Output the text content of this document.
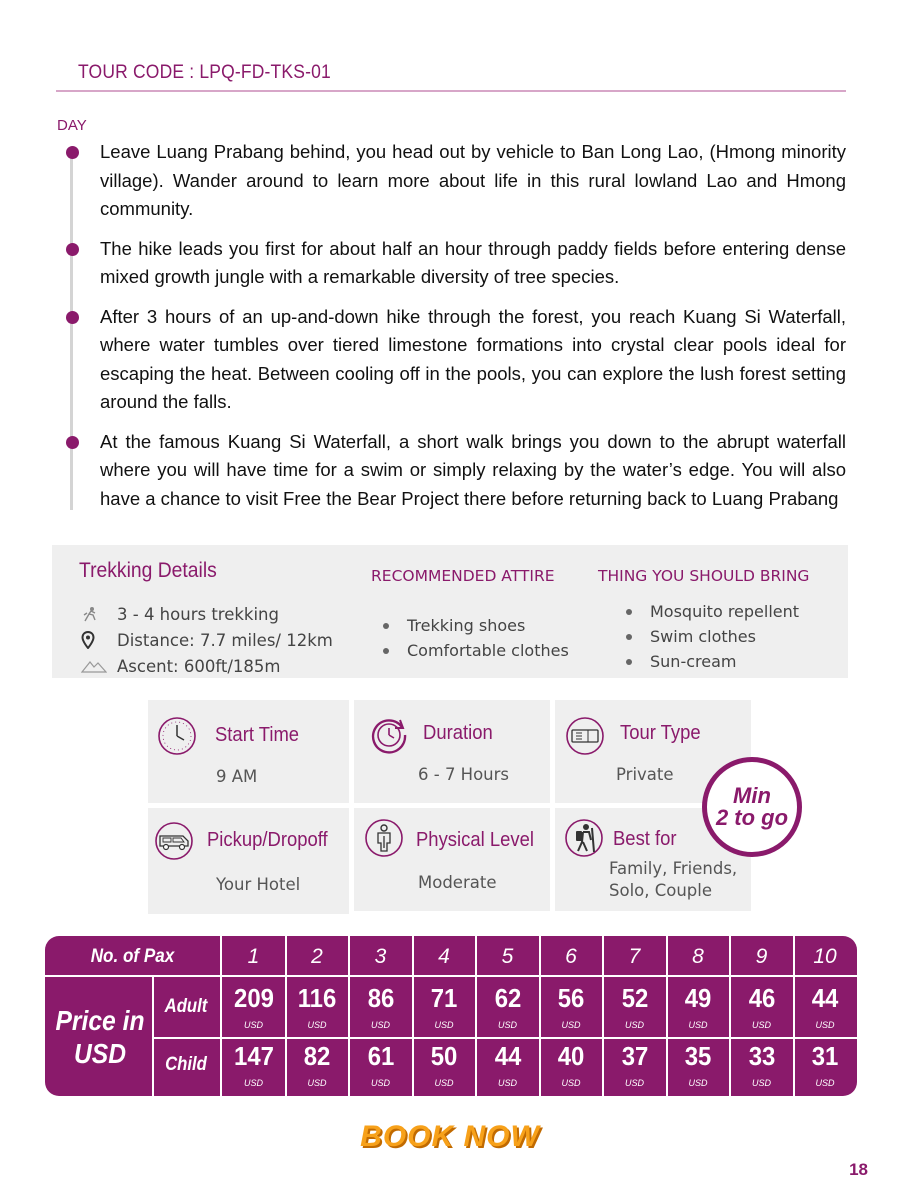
TOUR CODE : LPQ-FD-TKS-01
DAY
Leave Luang Prabang behind, you head out by vehicle to Ban Long Lao, (Hmong minority village). Wander around to learn more about life in this rural lowland Lao and Hmong community.
The hike leads you first for about half an hour through paddy fields before entering dense mixed growth jungle with a remarkable diversity of tree species.
After 3 hours of an up-and-down hike through the forest, you reach Kuang Si Waterfall, where water tumbles over tiered limestone formations into crystal clear pools ideal for escaping the heat. Between cooling off in the pools, you can explore the lush forest setting around the falls.
At the famous Kuang Si Waterfall, a short walk brings you down to the abrupt waterfall where you will have time for a swim or simply relaxing by the water’s edge. You will also have a chance to visit Free the Bear Project there before returning back to Luang Prabang
Trekking Details
3 - 4 hours trekking
Distance: 7.7 miles/ 12km
Ascent: 600ft/185m
RECOMMENDED ATTIRE
Trekking shoes
Comfortable clothes
THING YOU SHOULD BRING
Mosquito repellent
Swim clothes
Sun-cream
Start Time
9 AM
Duration
6 - 7 Hours
Tour Type
Private
Pickup/Dropoff
Your Hotel
Physical Level
Moderate
Best for
Family, Friends,
Solo, Couple
Min
2 to go
No. of Pax
Price in
USD
Adult
Child
1
209
USD
147
USD
2
116
USD
82
USD
3
86
USD
61
USD
4
71
USD
50
USD
5
62
USD
44
USD
6
56
USD
40
USD
7
52
USD
37
USD
8
49
USD
35
USD
9
46
USD
33
USD
10
44
USD
31
USD
BOOK NOW
18
